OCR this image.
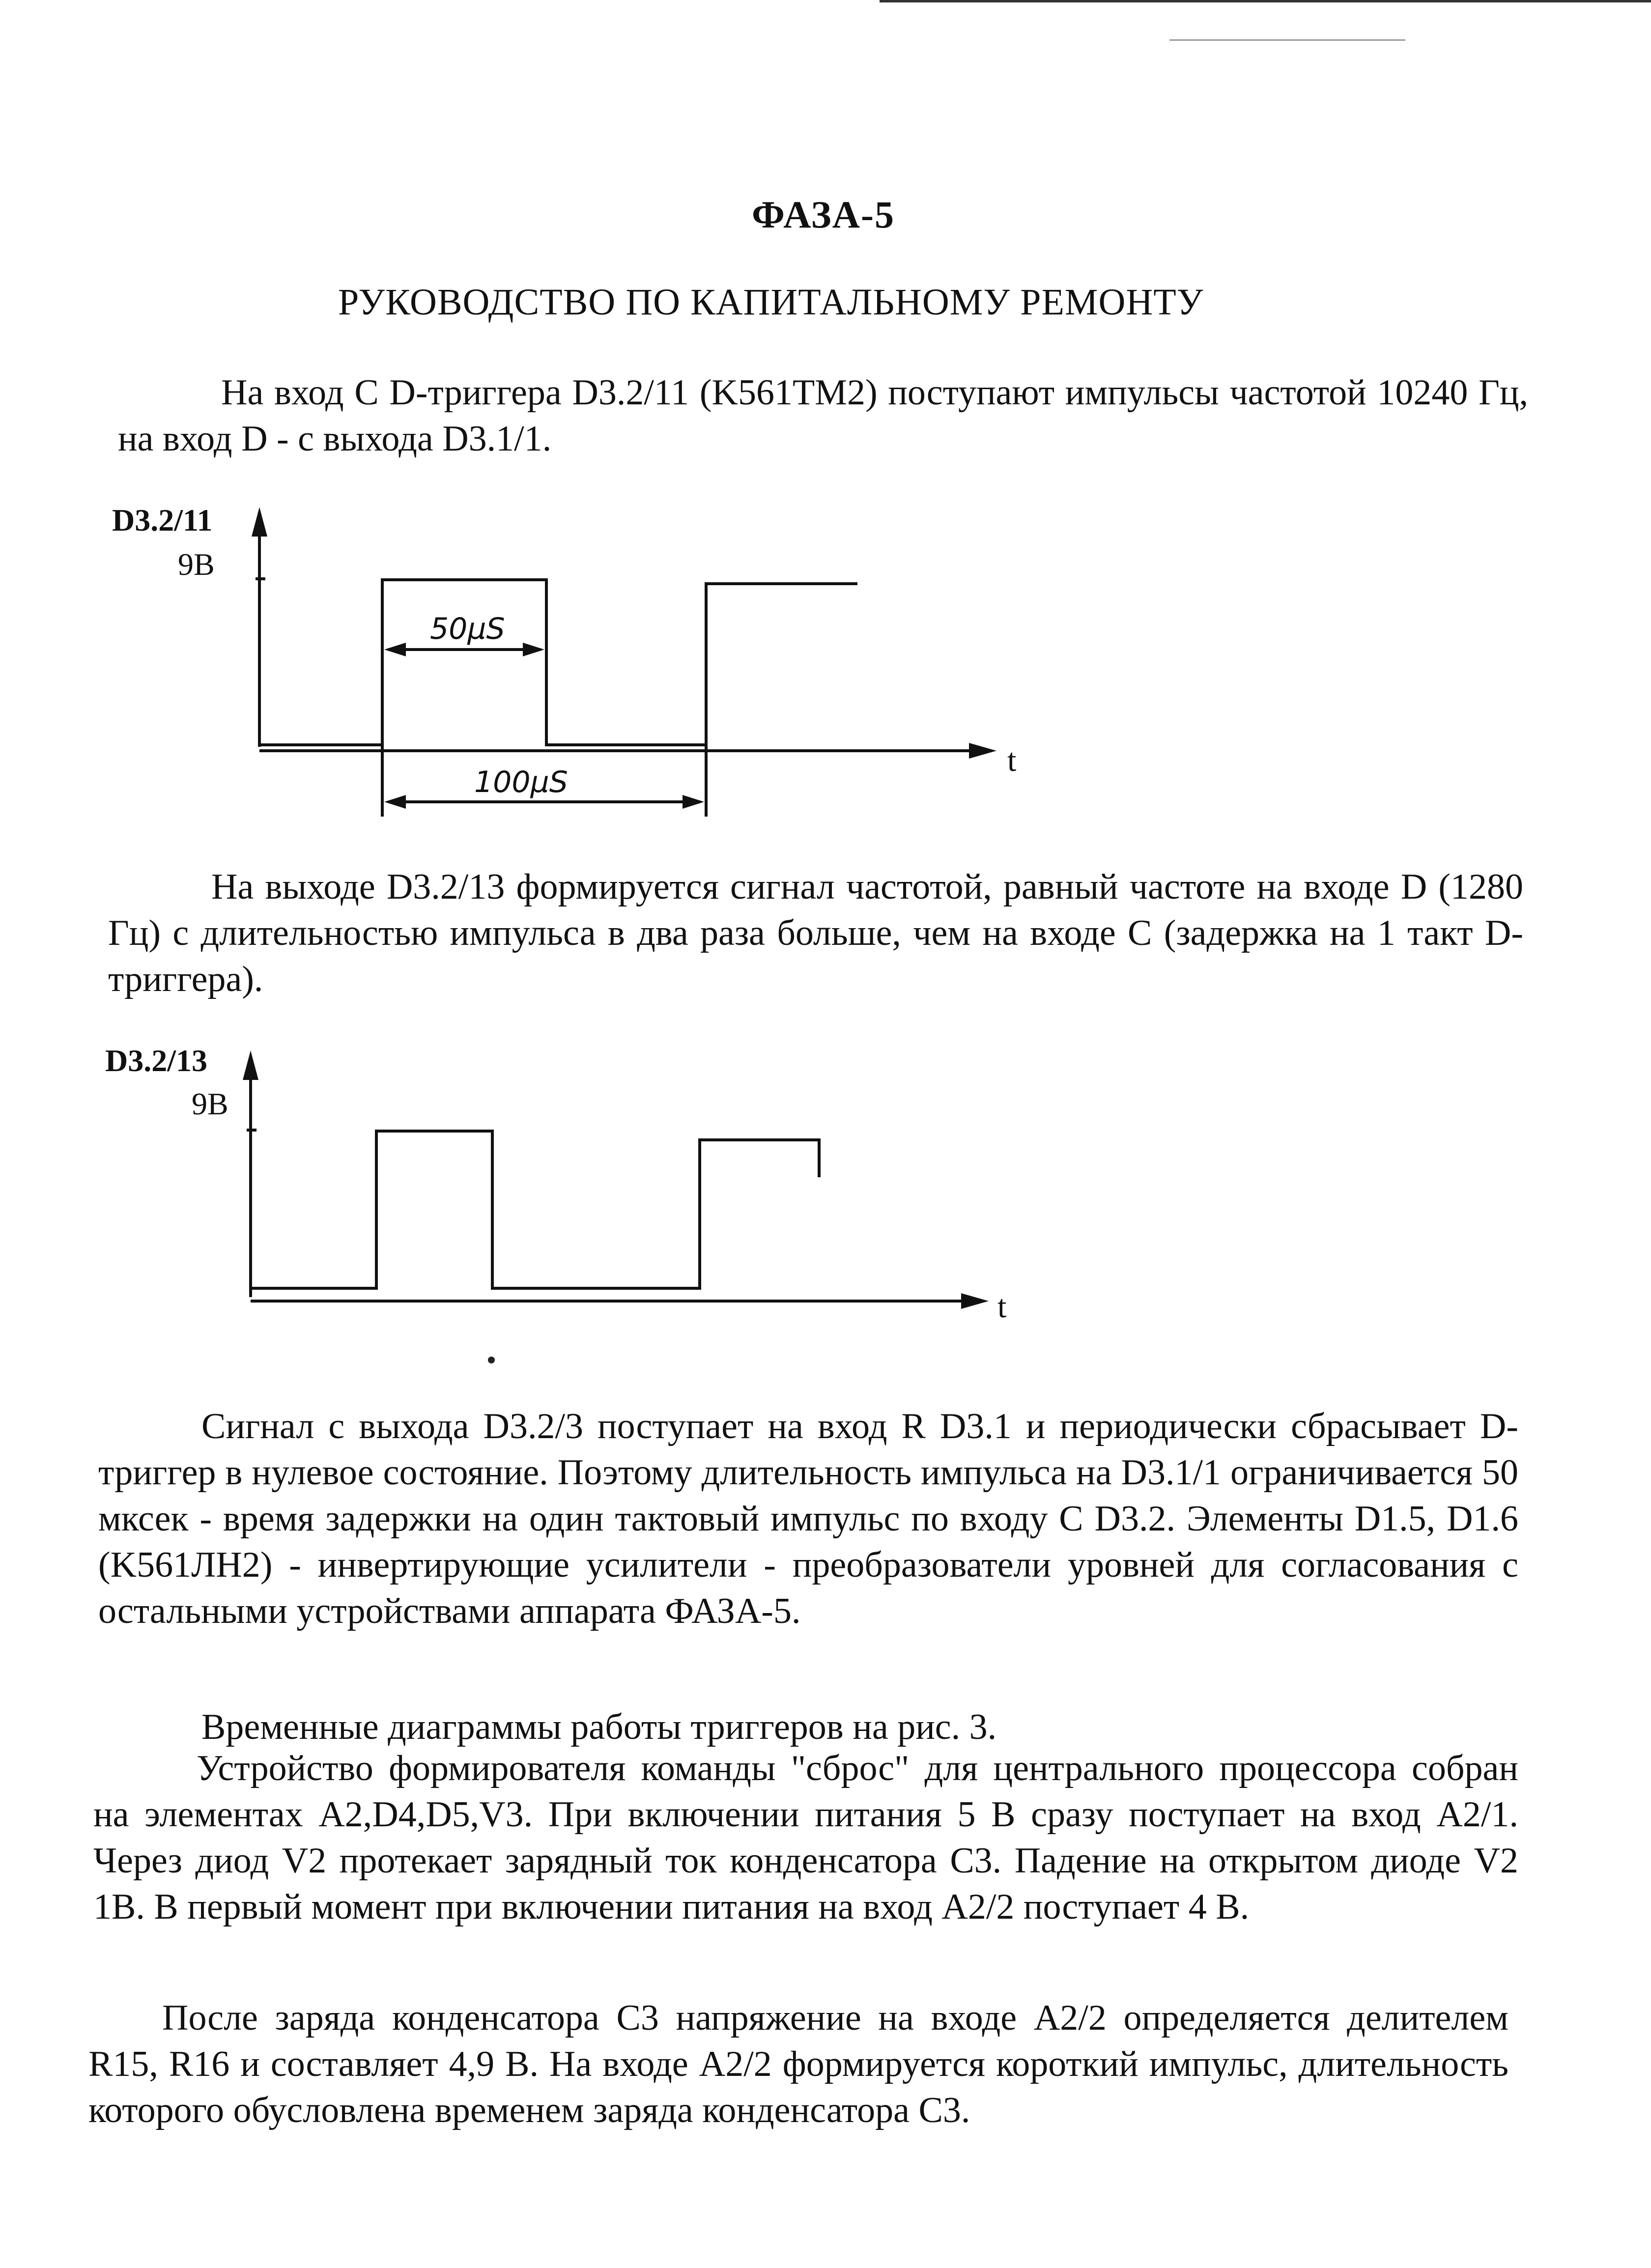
ФАЗА-5
РУКОВОДСТВО ПО КАПИТАЛЬНОМУ РЕМОНТУ
На вход C D-триггера D3.2/11 (K561TM2) поступают импульсы частотой 10240 Гц, на вход D - с выхода D3.1/1.
D3.2/11
9В
t
50µS
100µS
На выходе D3.2/13 формируется сигнал частотой, равный частоте на входе D (1280 Гц) с длительностью импульса в два раза больше, чем на входе C (задержка на 1 такт D-триггера).
D3.2/13
9В
t
Сигнал с выхода D3.2/3 поступает на вход R D3.1 и периодически сбрасывает D-триггер в нулевое состояние. Поэтому длительность импульса на D3.1/1 ограничивается 50 мксек - время задержки на один тактовый импульс по входу C D3.2. Элементы D1.5, D1.6 (K561ЛН2) - инвертирующие усилители - преобразователи уровней для согласования с остальными устройствами аппарата ФАЗА-5.
Временные диаграммы работы триггеров на рис. 3.
Устройство формирователя команды "сброс" для центрального процессора собран на элементах A2,D4,D5,V3. При включении питания 5 В сразу поступает на вход A2/1. Через диод V2 протекает зарядный ток конденсатора C3. Падение на открытом диоде V2 1В. В первый момент при включении питания на вход A2/2 поступает 4 В.
После заряда конденсатора C3 напряжение на входе A2/2 определяется делителем R15, R16 и составляет 4,9 В. На входе A2/2 формируется короткий импульс, длительность которого обусловлена временем заряда конденсатора C3.
